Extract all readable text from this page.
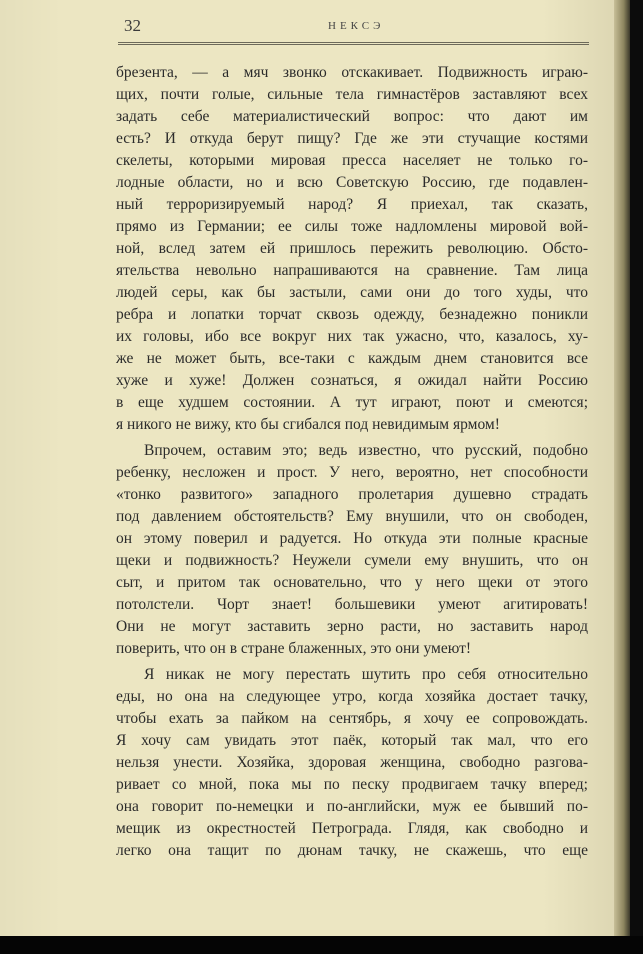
32	НЕКСЭ
брезента, — а мяч звонко отскакивает. Подвижность играю-
щих, почти голые, сильные тела гимнастёров заставляют всех
задать себе материалистический вопрос: что дают им
есть? И откуда берут пищу? Где же эти стучащие костями
скелеты, которыми мировая пресса населяет не только го-
лодные области, но и всю Советскую Россию, где подавлен-
ный терроризируемый народ? Я приехал, так сказать,
прямо из Германии; ее силы тоже надломлены мировой вой-
ной, вслед затем ей пришлось пережить революцию. Обсто-
ятельства невольно напрашиваются на сравнение. Там лица
людей серы, как бы застыли, сами они до того худы, что
ребра и лопатки торчат сквозь одежду, безнадежно поникли
их головы, ибо все вокруг них так ужасно, что, казалось, ху-
же не может быть, все-таки с каждым днем становится все
хуже и хуже! Должен сознаться, я ожидал найти Россию
в еще худшем состоянии. А тут играют, поют и смеются;
я никого не вижу, кто бы сгибался под невидимым ярмом!
Впрочем, оставим это; ведь известно, что русский, подобно
ребенку, несложен и прост. У него, вероятно, нет способности
«тонко развитого» западного пролетария душевно страдать
под давлением обстоятельств? Ему внушили, что он свободен,
он этому поверил и радуется. Но откуда эти полные красные
щеки и подвижность? Неужели сумели ему внушить, что он
сыт, и притом так основательно, что у него щеки от этого
потолстели. Чорт знает! большевики умеют агитировать!
Они не могут заставить зерно расти, но заставить народ
поверить, что он в стране блаженных, это они умеют!
Я никак не могу перестать шутить про себя относительно
еды, но она на следующее утро, когда хозяйка достает тачку,
чтобы ехать за пайком на сентябрь, я хочу ее сопровождать.
Я хочу сам увидать этот паёк, который так мал, что его
нельзя унести. Хозяйка, здоровая женщина, свободно разгова-
ривает со мной, пока мы по песку продвигаем тачку вперед;
она говорит по-немецки и по-английски, муж ее бывший по-
мещик из окрестностей Петрограда. Глядя, как свободно и
легко она тащит по дюнам тачку, не скажешь, что еще
